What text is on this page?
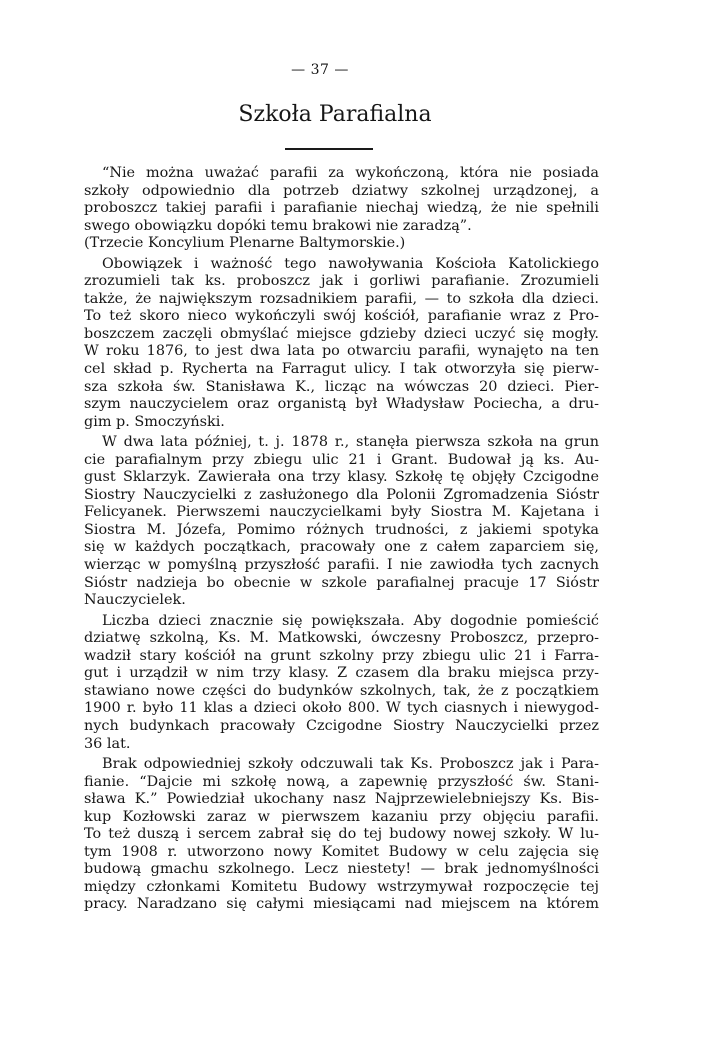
— 37 —
Szkoła Parafialna
“Nie można uważać parafii za wykończoną, która nie posiada
szkoły odpowiednio dla potrzeb dziatwy szkolnej urządzonej, a
proboszcz takiej parafii i parafianie niechaj wiedzą, że nie spełnili
swego obowiązku dopóki temu brakowi nie zaradzą”.
(Trzecie Koncylium Plenarne Baltymorskie.)
Obowiązek i ważność tego nawoływania Kościoła Katolickiego
zrozumieli tak ks. proboszcz jak i gorliwi parafianie. Zrozumieli
także, że największym rozsadnikiem parafii, — to szkoła dla dzieci.
To też skoro nieco wykończyli swój kościół, parafianie wraz z Pro-
boszczem zaczęli obmyślać miejsce gdzieby dzieci uczyć się mogły.
W roku 1876, to jest dwa lata po otwarciu parafii, wynajęto na ten
cel skład p. Rycherta na Farragut ulicy. I tak otworzyła się pierw-
sza szkoła św. Stanisława K., licząc na wówczas 20 dzieci. Pier-
szym nauczycielem oraz organistą był Władysław Pociecha, a dru-
gim p. Smoczyński.
W dwa lata później, t. j. 1878 r., stanęła pierwsza szkoła na grun
cie parafialnym przy zbiegu ulic 21 i Grant. Budował ją ks. Au-
gust Sklarzyk. Zawierała ona trzy klasy. Szkołę tę objęły Czcigodne
Siostry Nauczycielki z zasłużonego dla Polonii Zgromadzenia Sióstr
Felicyanek. Pierwszemi nauczycielkami były Siostra M. Kajetana i
Siostra M. Józefa, Pomimo różnych trudności, z jakiemi spotyka
się w każdych początkach, pracowały one z całem zaparciem się,
wierząc w pomyślną przyszłość parafii. I nie zawiodła tych zacnych
Sióstr nadzieja bo obecnie w szkole parafialnej pracuje 17 Sióstr
Nauczycielek.
Liczba dzieci znacznie się powiększała. Aby dogodnie pomieścić
dziatwę szkolną, Ks. M. Matkowski, ówczesny Proboszcz, przepro-
wadził stary kościół na grunt szkolny przy zbiegu ulic 21 i Farra-
gut i urządził w nim trzy klasy. Z czasem dla braku miejsca przy-
stawiano nowe części do budynków szkolnych, tak, że z początkiem
1900 r. było 11 klas a dzieci około 800. W tych ciasnych i niewygod-
nych budynkach pracowały Czcigodne Siostry Nauczycielki przez
36 lat.
Brak odpowiedniej szkoły odczuwali tak Ks. Proboszcz jak i Para-
fianie. “Dajcie mi szkołę nową, a zapewnię przyszłość św. Stani-
sława K.” Powiedział ukochany nasz Najprzewielebniejszy Ks. Bis-
kup Kozłowski zaraz w pierwszem kazaniu przy objęciu parafii.
To też duszą i sercem zabrał się do tej budowy nowej szkoły. W lu-
tym 1908 r. utworzono nowy Komitet Budowy w celu zajęcia się
budową gmachu szkolnego. Lecz niestety! — brak jednomyślności
między członkami Komitetu Budowy wstrzymywał rozpoczęcie tej
pracy. Naradzano się całymi miesiącami nad miejscem na którem
